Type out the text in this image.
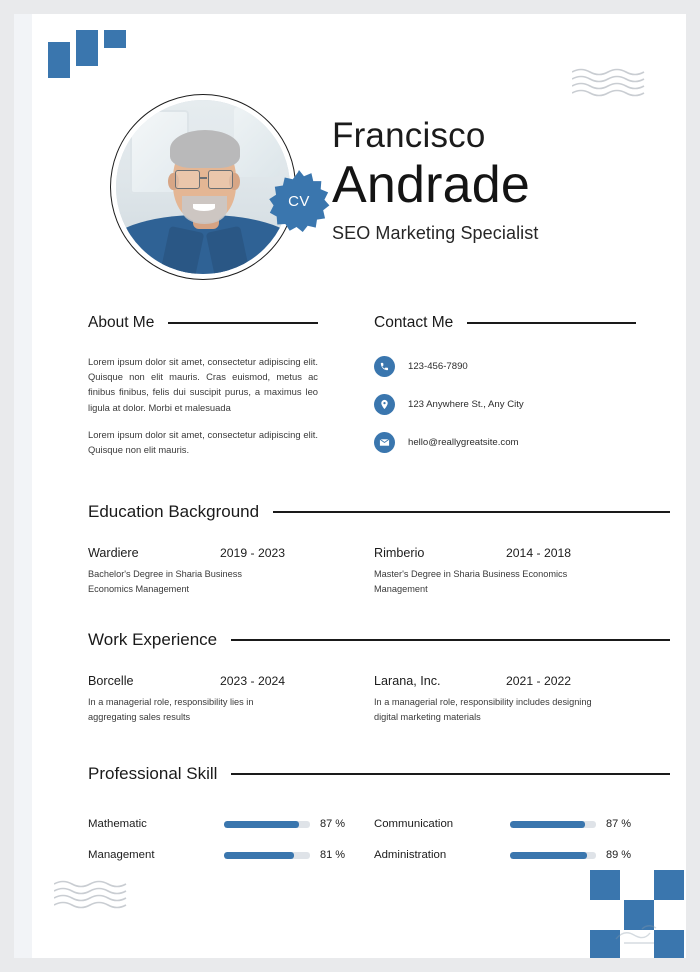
CV
Francisco
Andrade
SEO Marketing Specialist
About Me
Lorem ipsum dolor sit amet, consectetur adipiscing elit. Quisque non elit mauris. Cras euismod, metus ac finibus finibus, felis dui suscipit purus, a maximus leo ligula at dolor. Morbi et malesuada
Lorem ipsum dolor sit amet, consectetur adipiscing elit. Quisque non elit mauris.
Contact Me
123-456-7890
123 Anywhere St., Any City
hello@reallygreatsite.com
Education Background
Wardiere	2019 - 2023
Bachelor's Degree in Sharia Business Economics Management
Rimberio	2014 - 2018
Master's Degree in Sharia Business Economics Management
Work Experience
Borcelle	2023 - 2024
In a managerial role, responsibility lies in aggregating sales results
Larana, Inc.	2021 - 2022
In a managerial role, responsibility includes designing digital marketing materials
Professional Skill
Mathematic	87 %
Management	81 %
Communication	87 %
Administration	89 %
